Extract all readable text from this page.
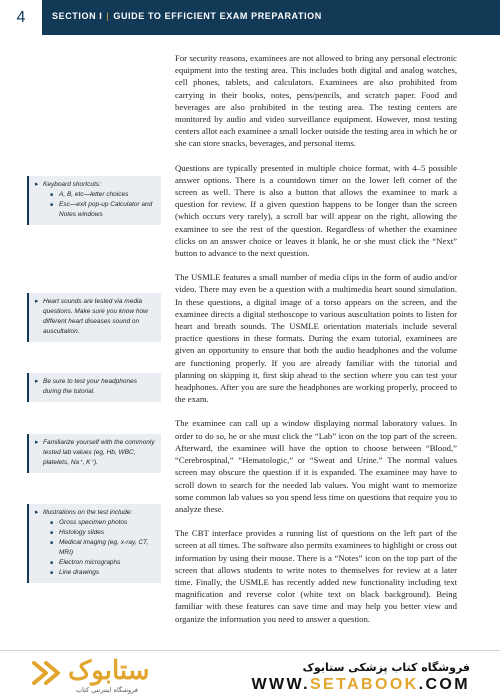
4	SECTION I | GUIDE TO EFFICIENT EXAM PREPARATION
▸ Keyboard shortcuts:
■ A, B, etc—letter choices
■ Esc—exit pop-up Calculator and Notes windows
▸ Heart sounds are tested via media questions. Make sure you know how different heart diseases sound on auscultation.
▸ Be sure to test your headphones during the tutorial.
▸ Familiarize yourself with the commonly tested lab values (eg, Hb, WBC, platelets, Na⁺, K⁺).
▸ Illustrations on the test include:
■ Gross specimen photos
■ Histology slides
■ Medical imaging (eg, x-ray, CT, MRI)
■ Electron micrographs
■ Line drawings

For security reasons, examinees are not allowed to bring any personal electronic equipment into the testing area. This includes both digital and analog watches, cell phones, tablets, and calculators. Examinees are also prohibited from carrying in their books, notes, pens/pencils, and scratch paper. Food and beverages are also prohibited in the testing area. The testing centers are monitored by audio and video surveillance equipment. However, most testing centers allot each examinee a small locker outside the testing area in which he or she can store snacks, beverages, and personal items.

Questions are typically presented in multiple choice format, with 4–5 possible answer options. There is a countdown timer on the lower left corner of the screen as well. There is also a button that allows the examinee to mark a question for review. If a given question happens to be longer than the screen (which occurs very rarely), a scroll bar will appear on the right, allowing the examinee to see the rest of the question. Regardless of whether the examinee clicks on an answer choice or leaves it blank, he or she must click the “Next” button to advance to the next question.

The USMLE features a small number of media clips in the form of audio and/or video. There may even be a question with a multimedia heart sound simulation. In these questions, a digital image of a torso appears on the screen, and the examinee directs a digital stethoscope to various auscultation points to listen for heart and breath sounds. The USMLE orientation materials include several practice questions in these formats. During the exam tutorial, examinees are given an opportunity to ensure that both the audio headphones and the volume are functioning properly. If you are already familiar with the tutorial and planning on skipping it, first skip ahead to the section where you can test your headphones. After you are sure the headphones are working properly, proceed to the exam.

The examinee can call up a window displaying normal laboratory values. In order to do so, he or she must click the “Lab” icon on the top part of the screen. Afterward, the examinee will have the option to choose between “Blood,” “Cerebrospinal,” “Hematologic,” or “Sweat and Urine.” The normal values screen may obscure the question if it is expanded. The examinee may have to scroll down to search for the needed lab values. You might want to memorize some common lab values so you spend less time on questions that require you to analyze these.

The CBT interface provides a running list of questions on the left part of the screen at all times. The software also permits examinees to highlight or cross out information by using their mouse. There is a “Notes” icon on the top part of the screen that allows students to write notes to themselves for review at a later time. Finally, the USMLE has recently added new functionality including text magnification and reverse color (white text on black background). Being familiar with these features can save time and may help you better view and organize the information you need to answer a question.

ستابوک
فروشگاه اینترنتی کتاب
فروشگاه کتاب پزشکی ستابوک
WWW.SETABOOK.COM
